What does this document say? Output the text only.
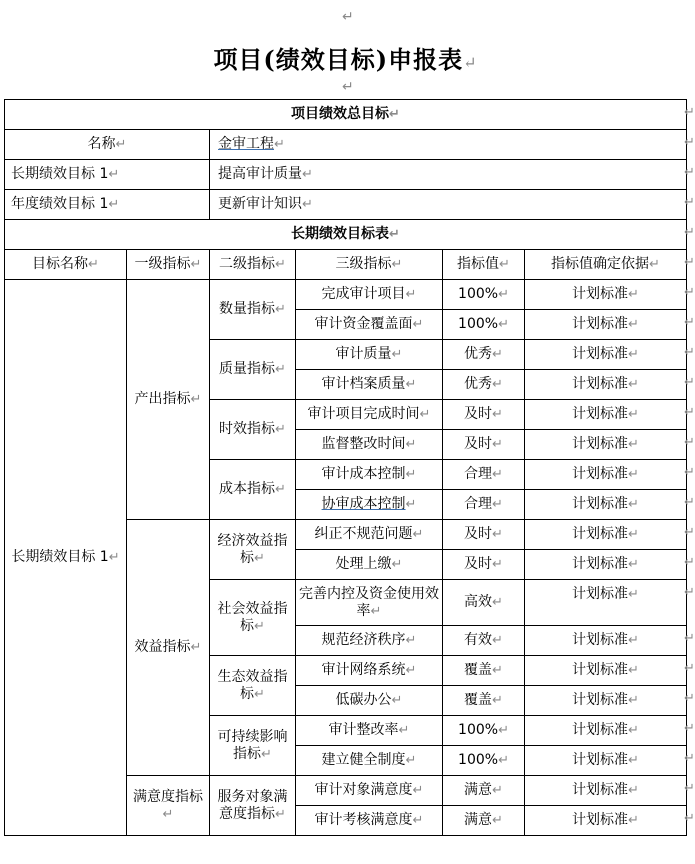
↵
项目(绩效目标)申报表↵
↵
项目绩效总目标↵					
名称↵		金审工程↵			
长期绩效目标 1↵		提高审计质量↵			
年度绩效目标 1↵		更新审计知识↵			
长期绩效目标表↵					
目标名称↵	一级指标↵	二级指标↵	三级指标↵	指标值↵	指标值确定依据↵
长期绩效目标 1↵	产出指标↵	数量指标↵	完成审计项目↵	100%↵	计划标准↵
			审计资金覆盖面↵	100%↵	计划标准↵
		质量指标↵	审计质量↵	优秀↵	计划标准↵
			审计档案质量↵	优秀↵	计划标准↵
		时效指标↵	审计项目完成时间↵	及时↵	计划标准↵
			监督整改时间↵	及时↵	计划标准↵
		成本指标↵	审计成本控制↵	合理↵	计划标准↵
			协审成本控制↵	合理↵	计划标准↵
	效益指标↵	经济效益指标↵	纠正不规范问题↵	及时↵	计划标准↵
			处理上缴↵	及时↵	计划标准↵
		社会效益指标↵	完善内控及资金使用效率↵	高效↵	计划标准↵
			规范经济秩序↵	有效↵	计划标准↵
		生态效益指标↵	审计网络系统↵	覆盖↵	计划标准↵
			低碳办公↵	覆盖↵	计划标准↵
		可持续影响指标↵	审计整改率↵	100%↵	计划标准↵
			建立健全制度↵	100%↵	计划标准↵
	满意度指标↵	服务对象满意度指标↵	审计对象满意度↵	满意↵	计划标准↵
			审计考核满意度↵	满意↵	计划标准↵
↵
↵
↵
↵
↵
↵
↵
↵
↵
↵
↵
↵
↵
↵
↵
↵
↵
↵
↵
↵
↵
↵
↵
↵
